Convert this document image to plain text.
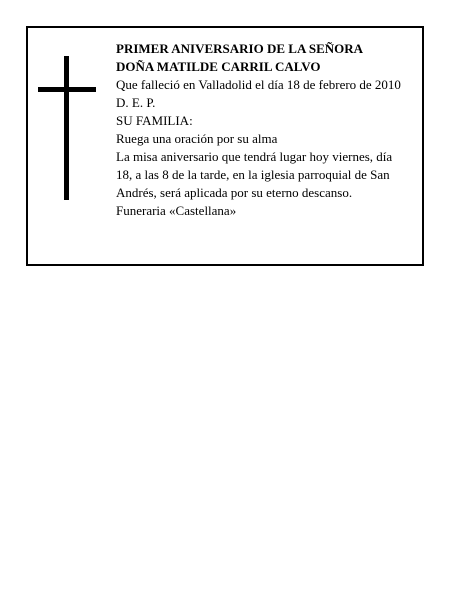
PRIMER ANIVERSARIO DE LA SEÑORA
DOÑA MATILDE CARRIL CALVO
Que falleció en Valladolid el día 18 de febrero de 2010
D. E. P.
SU FAMILIA:
Ruega una oración por su alma
La misa aniversario que tendrá lugar hoy viernes, día
18, a las 8 de la tarde, en la iglesia parroquial de San
Andrés, será aplicada por su eterno descanso.
Funeraria «Castellana»
